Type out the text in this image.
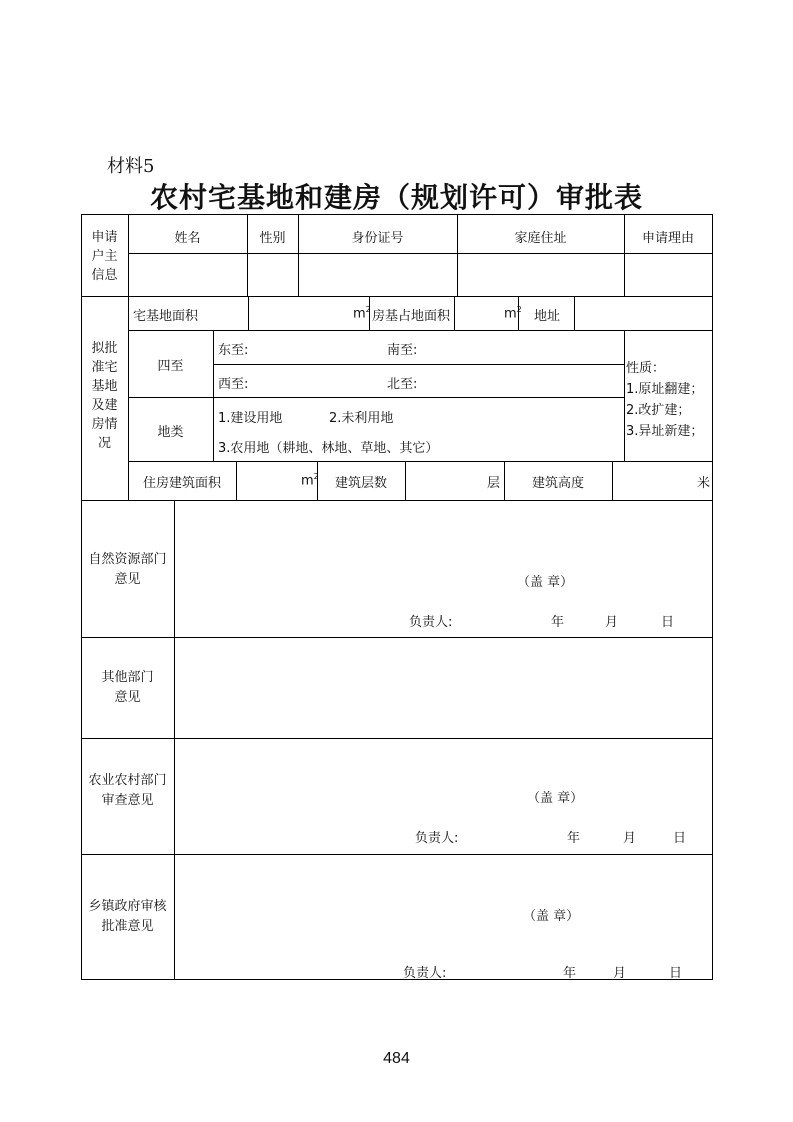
材料5
农村宅基地和建房（规划许可）审批表
申请
户主
信息
姓名	性别	身份证号	家庭住址	申请理由
拟批
准宅
基地
及建
房情
况
宅基地面积	$m^2$ 房基占地面积	$m^2$ 地址
四至
东至:	南至:
西至:	北至:
地类
1.建设用地	2.未利用地
3.农用地（耕地、林地、草地、其它）
性质：
1.原址翻建；
2.改扩建；
3.异址新建；
住房建筑面积	$m^2$	建筑层数	层	建筑高度	米
自然资源部门
意见	（盖 章）
负责人:	年	月	日
其他部门
意见
农业农村部门
审查意见	（盖 章）
负责人:	年	月	日
乡镇政府审核
批准意见
（盖 章）
负责人:	年	月	日
484
